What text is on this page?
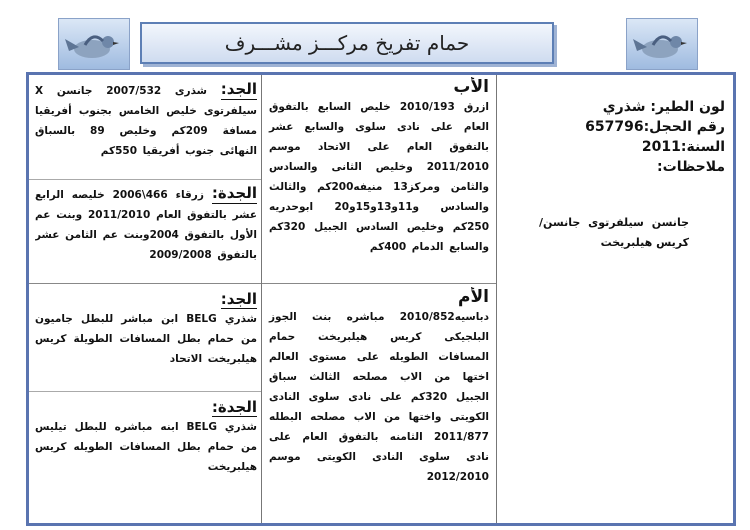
حمام تفريخ مركـــز مشـــرف

لون الطير: شذري

رقم الحجل:657796

السنة:2011

ملاحظات:

جانسن سيلفرتوى جانسن/كريس هيلبريخت

الأب

ازرق 2010/193 خليص السابع بالتفوق العام على نادى سلوى والسابع عشر بالتفوق العام على الاتحاد موسم 2011/2010 وخليص الثانى والسادس والثامن ومركز13 منيفه200كم والثالث والسادس و11و13و15و20 ابوحدريه 250كم وخليص السادس الجبيل 320كم والسابع الدمام 400كم

الأم

دباسيه2010/852 مباشره بنت الجوز البلجيكى كريس هيلبريخت حمام المسافات الطويله على مستوى العالم اختها من الاب مصلحه الثالث سباق الجبيل 320كم على نادى سلوى النادى الكويتى واختها من الاب مصلحه البطله 2011/877 الثامنه بالتفوق العام على نادى سلوى النادى الكويتى موسم 2012/2010

الجد: شذرى 2007/532 جانسن X سيلفرتوى خليص الخامس بجنوب أفريقيا مسافة 209كم وخليص 89 بالسباق النهائى جنوب أفريقيا 550كم

الجدة: زرقاء 466\2006 خليصه الرابع عشر بالتفوق العام 2011/2010 وبنت عم الأول بالتفوق 2004وبنت عم الثامن عشر بالتفوق 2009/2008

الجد:

شذري BELG ابن مباشر للبطل جاميون من حمام بطل المسافات الطويلة كريس هيلبريخت الاتحاد

الجدة:

شذري BELG ابنه مباشره للبطل تيليس من حمام بطل المسافات الطويله كريس هيلبريخت
